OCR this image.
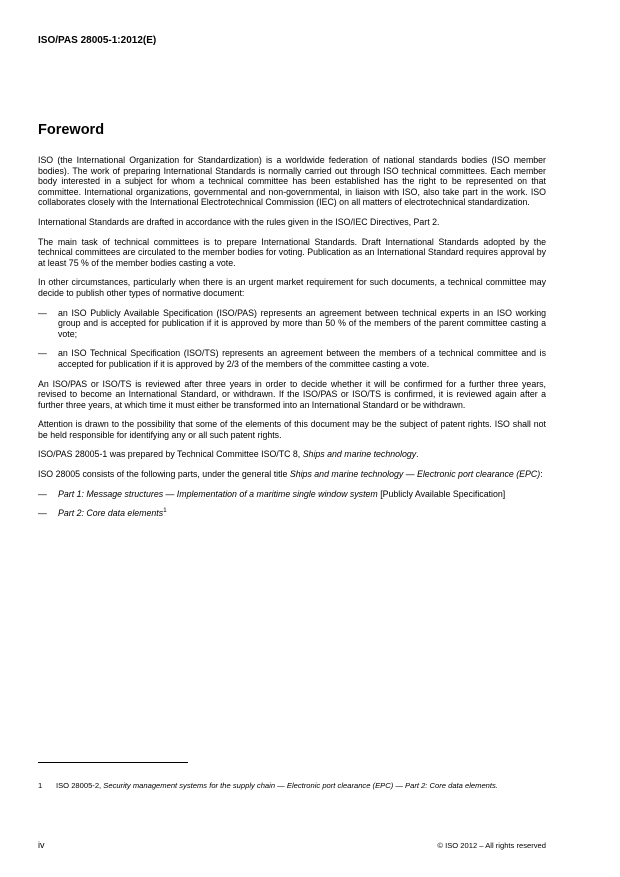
ISO/PAS 28005-1:2012(E)
Foreword

ISO (the International Organization for Standardization) is a worldwide federation of national standards bodies (ISO member bodies). The work of preparing International Standards is normally carried out through ISO technical committees. Each member body interested in a subject for whom a technical committee has been established has the right to be represented on that committee. International organizations, governmental and non-governmental, in liaison with ISO, also take part in the work. ISO collaborates closely with the International Electrotechnical Commission (IEC) on all matters of electrotechnical standardization.

International Standards are drafted in accordance with the rules given in the ISO/IEC Directives, Part 2.

The main task of technical committees is to prepare International Standards. Draft International Standards adopted by the technical committees are circulated to the member bodies for voting. Publication as an International Standard requires approval by at least 75 % of the member bodies casting a vote.

In other circumstances, particularly when there is an urgent market requirement for such documents, a technical committee may decide to publish other types of normative document:

—	an ISO Publicly Available Specification (ISO/PAS) represents an agreement between technical experts in an ISO working group and is accepted for publication if it is approved by more than 50 % of the members of the parent committee casting a vote;
—	an ISO Technical Specification (ISO/TS) represents an agreement between the members of a technical committee and is accepted for publication if it is approved by 2/3 of the members of the committee casting a vote.

An ISO/PAS or ISO/TS is reviewed after three years in order to decide whether it will be confirmed for a further three years, revised to become an International Standard, or withdrawn. If the ISO/PAS or ISO/TS is confirmed, it is reviewed again after a further three years, at which time it must either be transformed into an International Standard or be withdrawn.

Attention is drawn to the possibility that some of the elements of this document may be the subject of patent rights. ISO shall not be held responsible for identifying any or all such patent rights.

ISO/PAS 28005-1 was prepared by Technical Committee ISO/TC 8, Ships and marine technology.

ISO 28005 consists of the following parts, under the general title Ships and marine technology — Electronic port clearance (EPC):

—	Part 1: Message structures — Implementation of a maritime single window system [Publicly Available Specification]
—	Part 2: Core data elements$^1$
1 ISO 28005-2, Security management systems for the supply chain — Electronic port clearance (EPC) — Part 2: Core data elements.
iv	© ISO 2012 – All rights reserved
